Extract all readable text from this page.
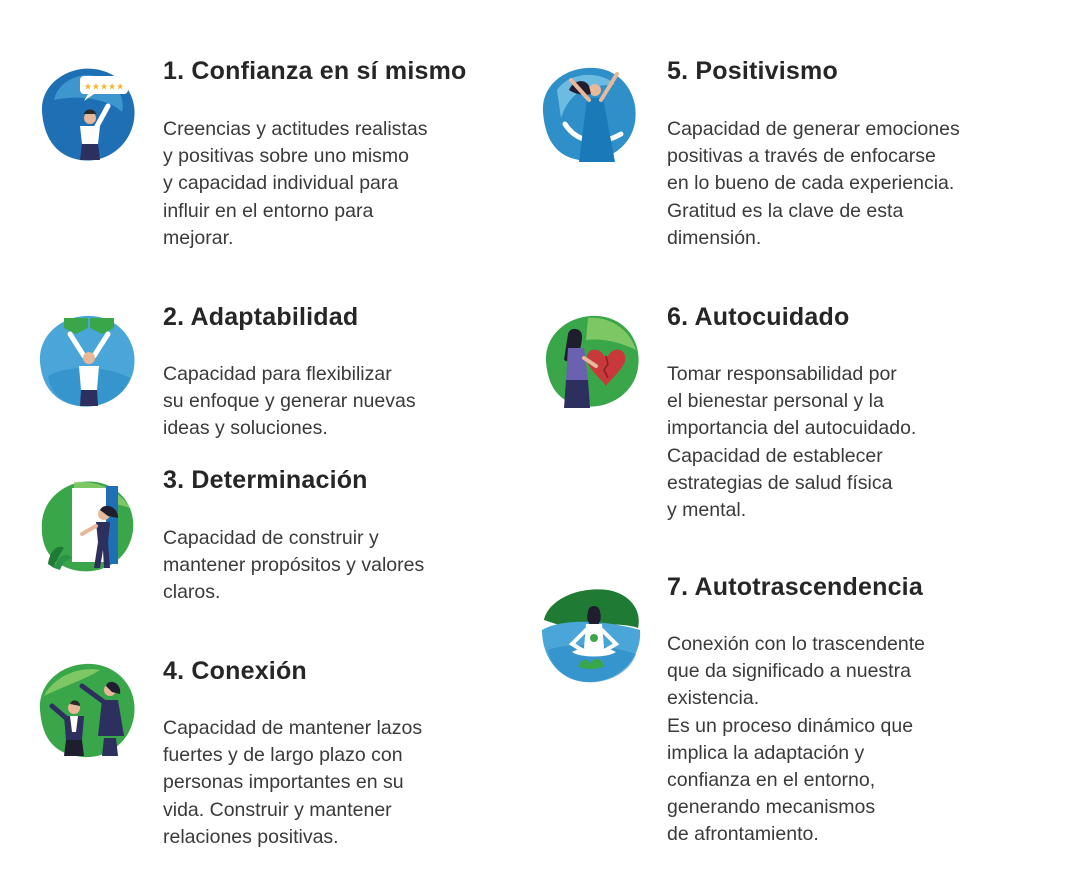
★★★★★
1. Confianza en sí mismo

Creencias y actitudes realistas
y positivas sobre uno mismo
y capacidad individual para
influir en el entorno para
mejorar.

2. Adaptabilidad

Capacidad para flexibilizar
su enfoque y generar nuevas
ideas y soluciones.

3. Determinación

Capacidad de construir y
mantener propósitos y valores
claros.

4. Conexión

Capacidad de mantener lazos
fuertes y de largo plazo con
personas importantes en su
vida. Construir y mantener
relaciones positivas.

5. Positivismo

Capacidad de generar emociones
positivas a través de enfocarse
en lo bueno de cada experiencia.
Gratitud es la clave de esta
dimensión.

6. Autocuidado

Tomar responsabilidad por
el bienestar personal y la
importancia del autocuidado.
Capacidad de establecer
estrategias de salud física
y mental.

7. Autotrascendencia

Conexión con lo trascendente
que da significado a nuestra
existencia.
Es un proceso dinámico que
implica la adaptación y
confianza en el entorno,
generando mecanismos
de afrontamiento.
